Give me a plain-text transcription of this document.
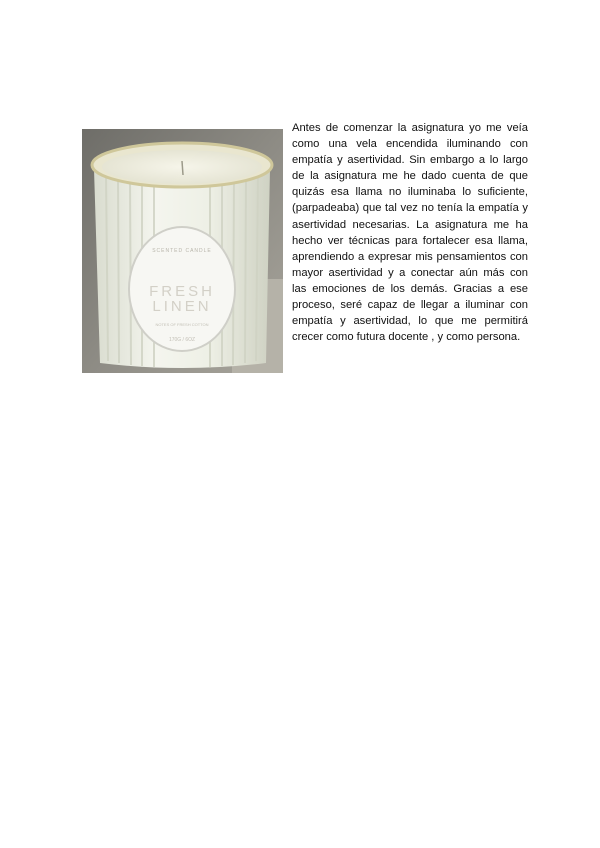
SCENTED CANDLE
FRESH
LINEN
NOTES OF FRESH COTTON
170G / 6OZ

Antes de comenzar la asignatura yo me veía como una vela encendida iluminando con empatía y asertividad. Sin embargo a lo largo de la asignatura me he dado cuenta de que quizás esa llama no iluminaba lo suficiente, (parpadeaba) que tal vez no tenía la empatía y asertividad necesarias. La asignatura me ha hecho ver técnicas para fortalecer esa llama, aprendiendo a expresar mis pensamientos con mayor asertividad y a conectar aún más con las emociones de los demás. Gracias a ese proceso, seré capaz de llegar a iluminar con empatía y asertividad, lo que me permitirá crecer como futura docente , y como persona.
